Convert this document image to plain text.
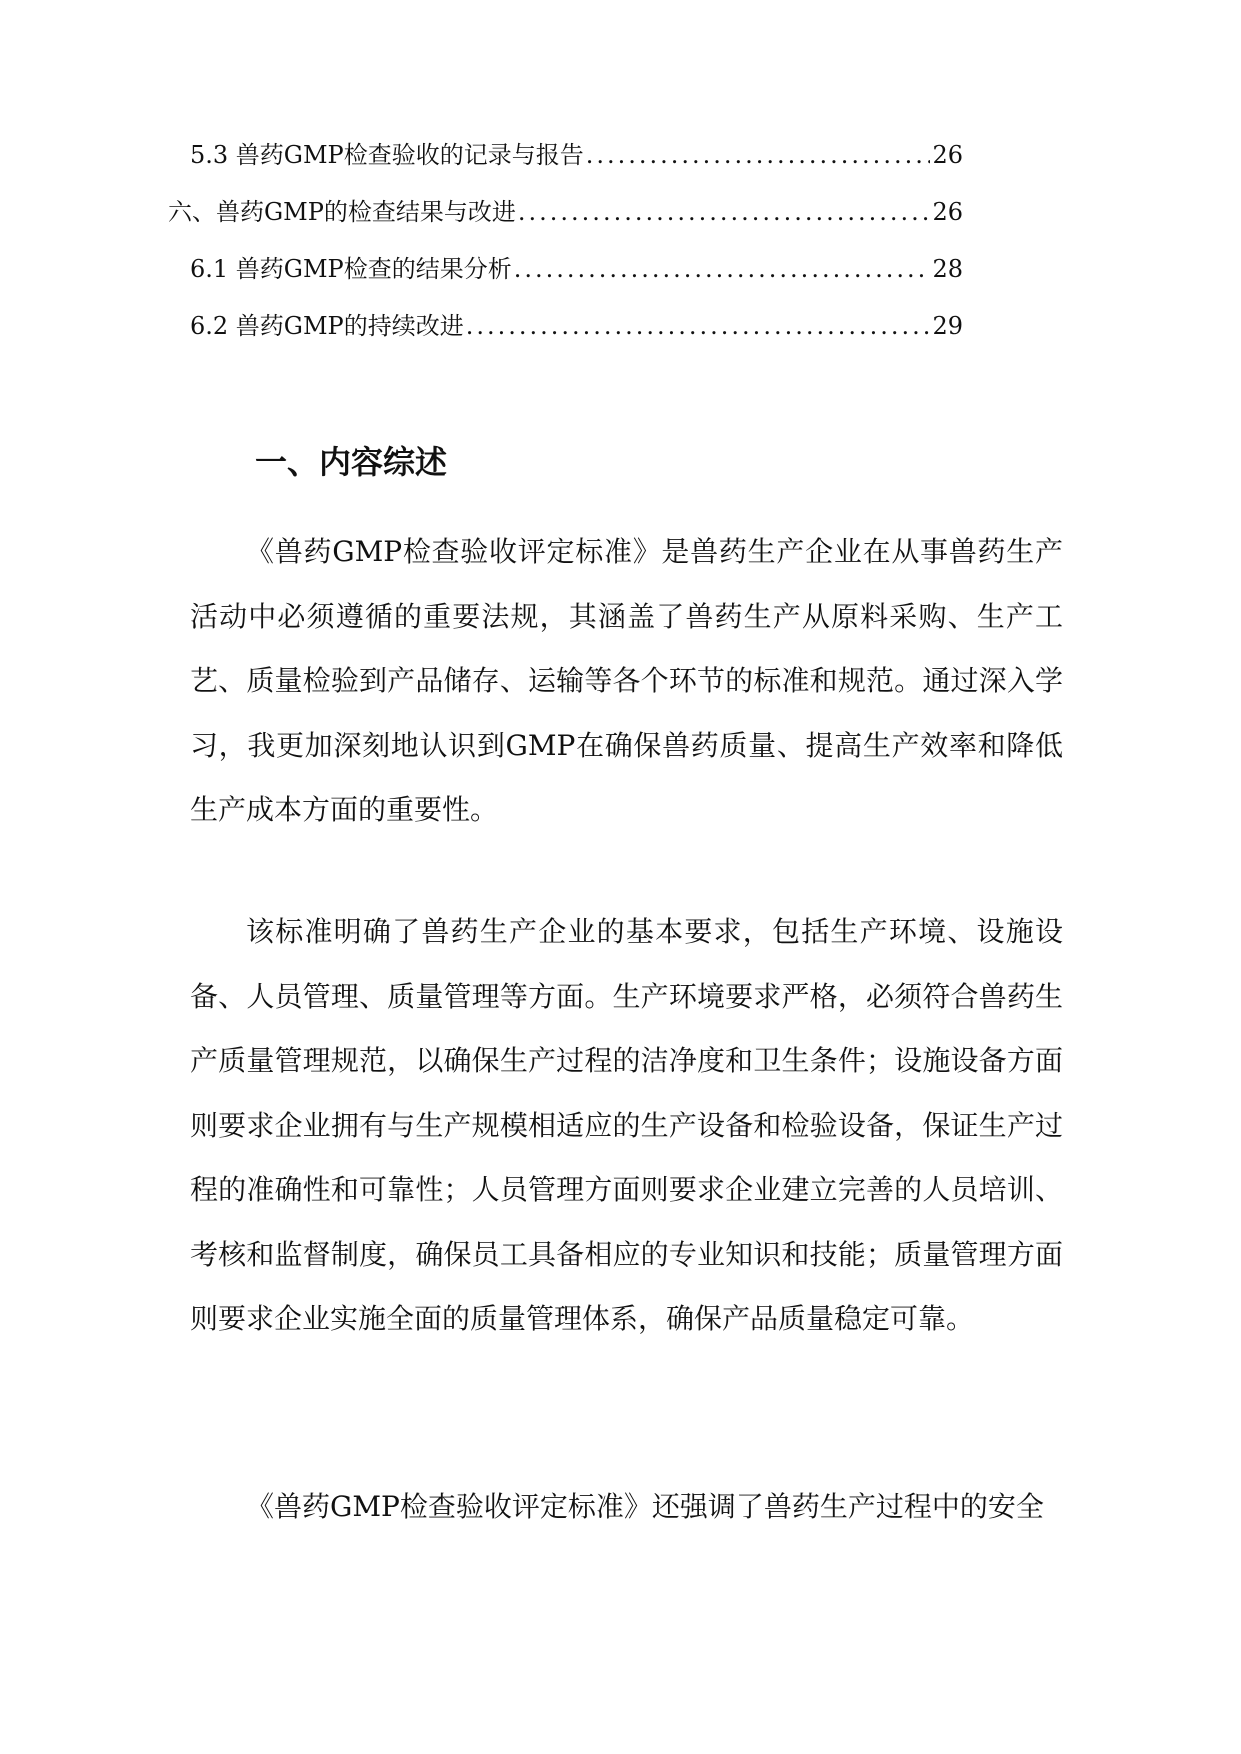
5.3 兽药GMP检查验收的记录与报告 .....	26
六、兽药GMP的检查结果与改进 .....	26
6.1 兽药GMP检查的结果分析 .....	28
6.2 兽药GMP的持续改进 .....	29
一、内容综述

《兽药GMP检查验收评定标准》是兽药生产企业在从事兽药生产活动中必须遵循的重要法规，其涵盖了兽药生产从原料采购、生产工艺、质量检验到产品储存、运输等各个环节的标准和规范。通过深入学习，我更加深刻地认识到GMP在确保兽药质量、提高生产效率和降低生产成本方面的重要性。

该标准明确了兽药生产企业的基本要求，包括生产环境、设施设备、人员管理、质量管理等方面。生产环境要求严格，必须符合兽药生产质量管理规范，以确保生产过程的洁净度和卫生条件；设施设备方面则要求企业拥有与生产规模相适应的生产设备和检验设备，保证生产过程的准确性和可靠性；人员管理方面则要求企业建立完善的人员培训、考核和监督制度，确保员工具备相应的专业知识和技能；质量管理方面则要求企业实施全面的质量管理体系，确保产品质量稳定可靠。

《兽药GMP检查验收评定标准》还强调了兽药生产过程中的安全
